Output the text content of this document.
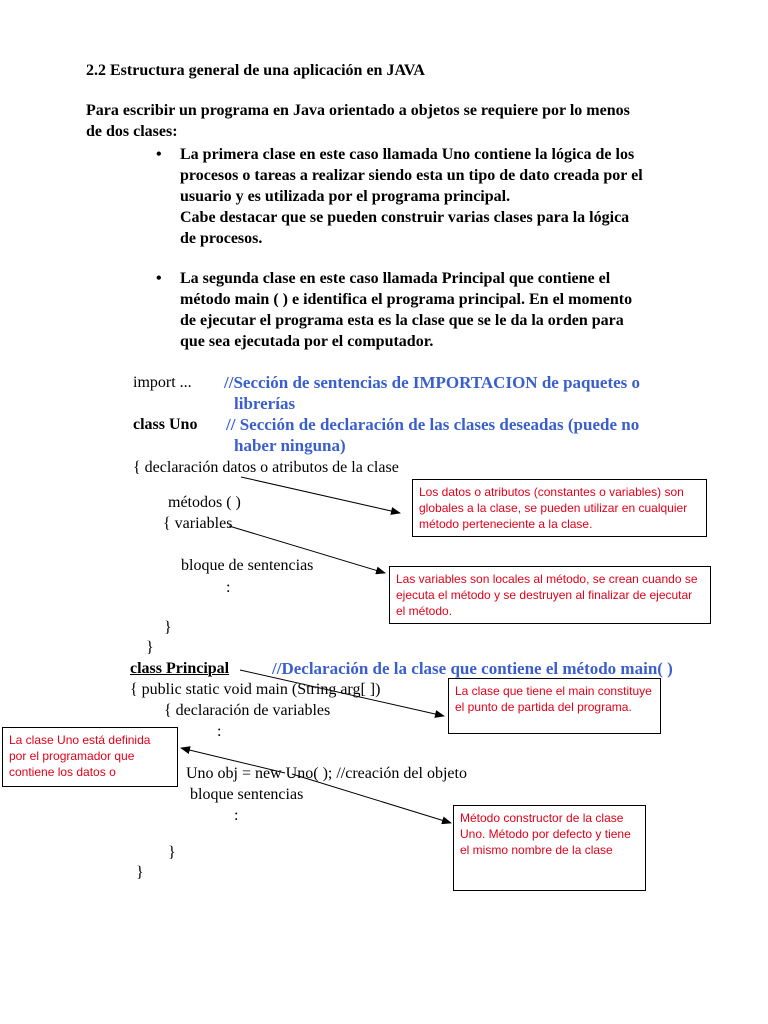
2.2 Estructura general de una aplicación en JAVA
Para escribir un programa en Java orientado a objetos se requiere por lo menos
de dos clases:
• La primera clase en este caso llamada Uno contiene la lógica de los
procesos o tareas a realizar siendo esta un tipo de dato creada por el
usuario y es utilizada por el programa principal.
Cabe destacar que se pueden construir varias clases para la lógica
de procesos.
• La segunda clase en este caso llamada Principal que contiene el
método main ( ) e identifica el programa principal. En el momento
de ejecutar el programa esta es la clase que se le da la orden para
que sea ejecutada por el computador.
import ... //Sección de sentencias de IMPORTACION de paquetes o
librerías
class Uno // Sección de declaración de las clases deseadas (puede no
haber ninguna)
{ declaración datos o atributos de la clase
métodos ( )
{ variables
bloque de sentencias
:
}
}
class Principal	//Declaración de la clase que contiene el método main( )
{ public static void main (String arg[ ])
{ declaración de variables
:
Uno obj = new Uno( ); //creación del objeto
bloque sentencias
:
}
}
Los datos o atributos (constantes o variables) son globales a la clase, se pueden utilizar en cualquier método perteneciente a la clase.
Las variables son locales al método, se crean cuando se ejecuta el método y se destruyen al finalizar de ejecutar el método.
La clase que tiene el main constituye el punto de partida del programa.
La clase Uno está definida por el programador que contiene los datos o
Método constructor de la clase Uno. Método por defecto y tiene el mismo nombre de la clase
